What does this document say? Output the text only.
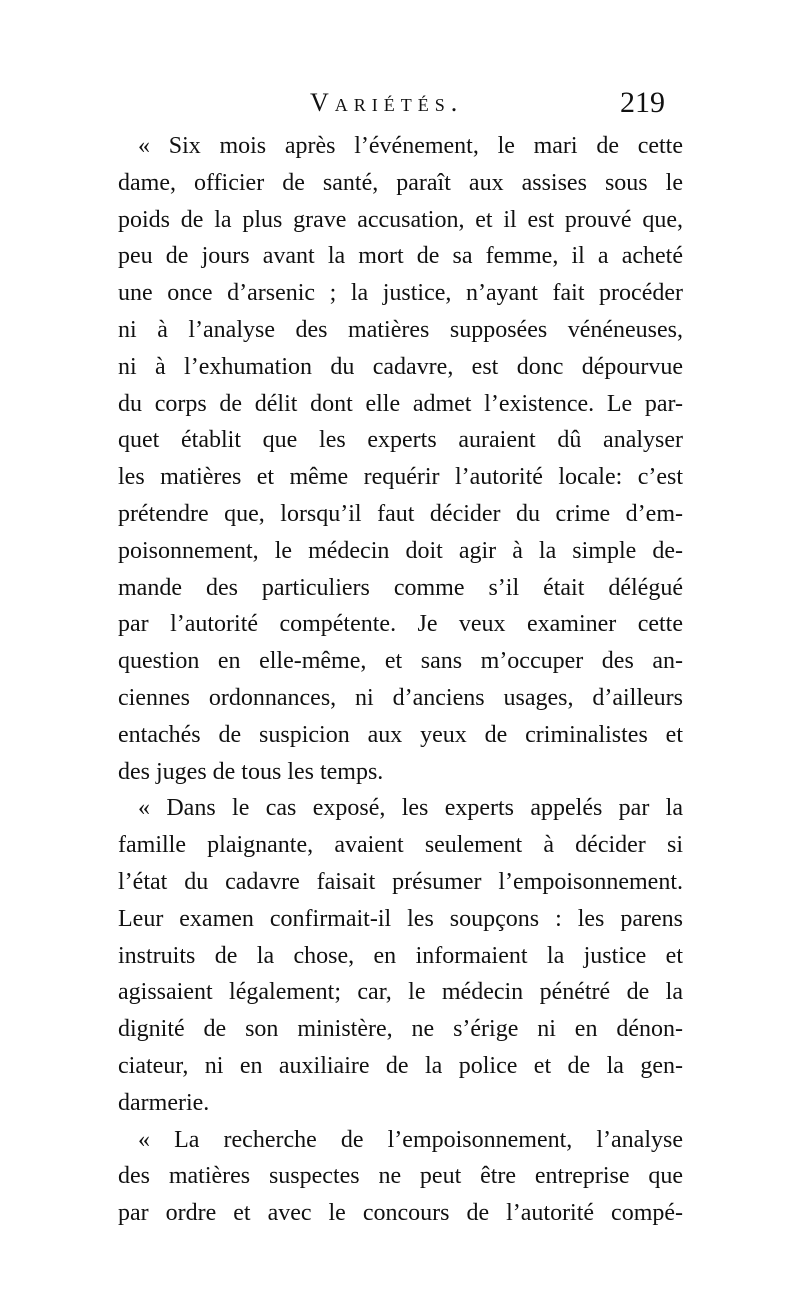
Variétés.	219
« Six mois après l’événement, le mari de cette
dame, officier de santé, paraît aux assises sous le
poids de la plus grave accusation, et il est prouvé que,
peu de jours avant la mort de sa femme, il a acheté
une once d’arsenic ; la justice, n’ayant fait procéder
ni à l’analyse des matières supposées vénéneuses,
ni à l’exhumation du cadavre, est donc dépourvue
du corps de délit dont elle admet l’existence. Le par-
quet établit que les experts auraient dû analyser
les matières et même requérir l’autorité locale: c’est
prétendre que, lorsqu’il faut décider du crime d’em-
poisonnement, le médecin doit agir à la simple de-
mande des particuliers comme s’il était délégué
par l’autorité compétente. Je veux examiner cette
question en elle-même, et sans m’occuper des an-
ciennes ordonnances, ni d’anciens usages, d’ailleurs
entachés de suspicion aux yeux de criminalistes et
des juges de tous les temps.
« Dans le cas exposé, les experts appelés par la
famille plaignante, avaient seulement à décider si
l’état du cadavre faisait présumer l’empoisonnement.
Leur examen confirmait-il les soupçons : les parens
instruits de la chose, en informaient la justice et
agissaient légalement; car, le médecin pénétré de la
dignité de son ministère, ne s’érige ni en dénon-
ciateur, ni en auxiliaire de la police et de la gen-
darmerie.
« La recherche de l’empoisonnement, l’analyse
des matières suspectes ne peut être entreprise que
par ordre et avec le concours de l’autorité compé-
